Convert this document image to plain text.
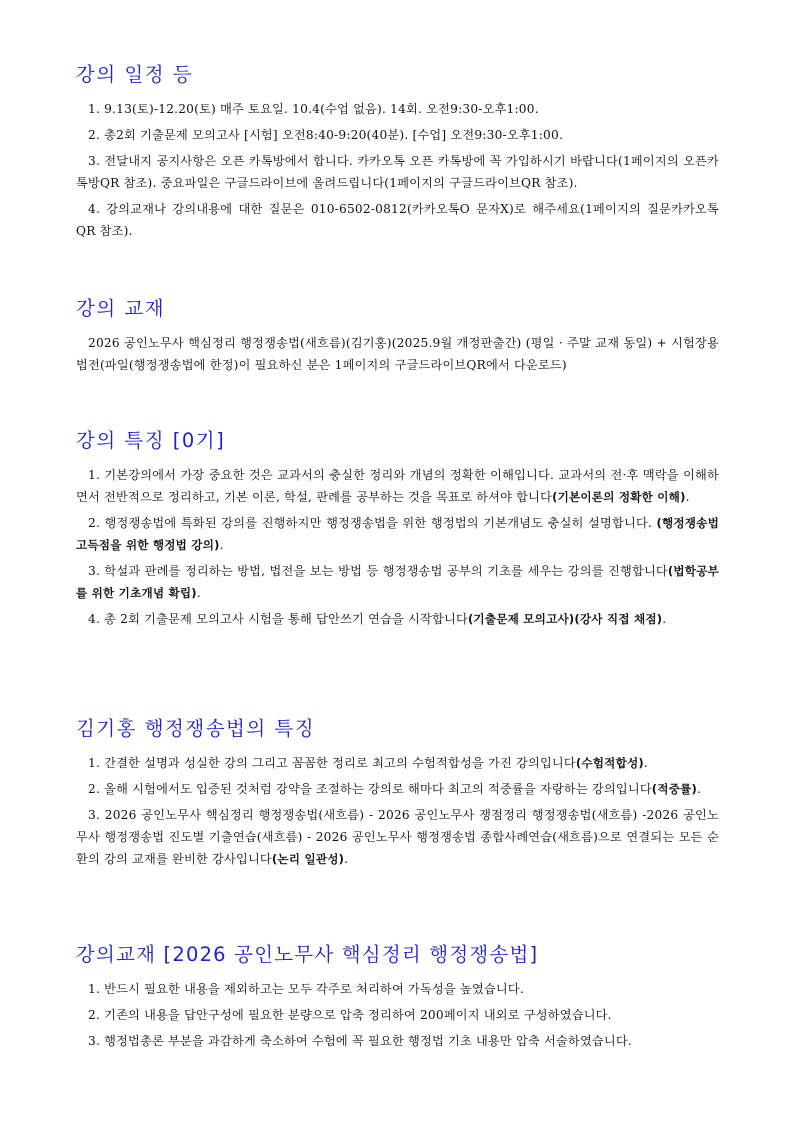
강의 일정 등

1. 9.13(토)-12.20(토) 매주 토요일. 10.4(수업 없음). 14회. 오전9:30-오후1:00.

2. 총2회 기출문제 모의고사 [시험] 오전8:40-9:20(40분). [수업] 오전9:30-오후1:00.

3. 전달내지 공지사항은 오픈 카톡방에서 합니다. 카카오톡 오픈 카톡방에 꼭 가입하시기 바랍니다(1페이지의 오픈카톡방QR 참조). 중요파일은 구글드라이브에 올려드립니다(1페이지의 구글드라이브QR 참조).

4. 강의교재나 강의내용에 대한 질문은 010-6502-0812(카카오톡O 문자X)로 해주세요(1페이지의 질문카카오톡QR 참조).

강의 교재

2026 공인노무사 핵심정리 행정쟁송법(새흐름)(김기홍)(2025.9월 개정판출간) (평일 · 주말 교재 동일) + 시험장용 법전(파일(행정쟁송법에 한정)이 필요하신 분은 1페이지의 구글드라이브QR에서 다운로드)

강의 특징 [0기]

1. 기본강의에서 가장 중요한 것은 교과서의 충실한 정리와 개념의 정확한 이해입니다. 교과서의 전·후 맥락을 이해하면서 전반적으로 정리하고, 기본 이론, 학설, 판례를 공부하는 것을 목표로 하셔야 합니다(기본이론의 정확한 이해).

2. 행정쟁송법에 특화된 강의를 진행하지만 행정쟁송법을 위한 행정법의 기본개념도 충실히 설명합니다. (행정쟁송법 고득점을 위한 행정법 강의).

3. 학설과 판례를 정리하는 방법, 법전을 보는 방법 등 행정쟁송법 공부의 기초를 세우는 강의를 진행합니다(법학공부를 위한 기초개념 확립).

4. 총 2회 기출문제 모의고사 시험을 통해 답안쓰기 연습을 시작합니다(기출문제 모의고사)(강사 직접 채점).

김기홍 행정쟁송법의 특징

1. 간결한 설명과 성실한 강의 그리고 꼼꼼한 정리로 최고의 수험적합성을 가진 강의입니다(수험적합성).

2. 올해 시험에서도 입증된 것처럼 강약을 조절하는 강의로 해마다 최고의 적중률을 자랑하는 강의입니다(적중률).

3. 2026 공인노무사 핵심정리 행정쟁송법(새흐름) - 2026 공인노무사 쟁점정리 행정쟁송법(새흐름) -2026 공인노무사 행정쟁송법 진도별 기출연습(새흐름) - 2026 공인노무사 행정쟁송법 종합사례연습(새흐름)으로 연결되는 모든 순환의 강의 교재를 완비한 강사입니다(논리 일관성).

강의교재 [2026 공인노무사 핵심정리 행정쟁송법]

1. 반드시 필요한 내용을 제외하고는 모두 각주로 처리하여 가독성을 높였습니다.

2. 기존의 내용을 답안구성에 필요한 분량으로 압축 정리하여 200페이지 내외로 구성하였습니다.

3. 행정법총론 부분을 과감하게 축소하여 수험에 꼭 필요한 행정법 기초 내용만 압축 서술하였습니다.
